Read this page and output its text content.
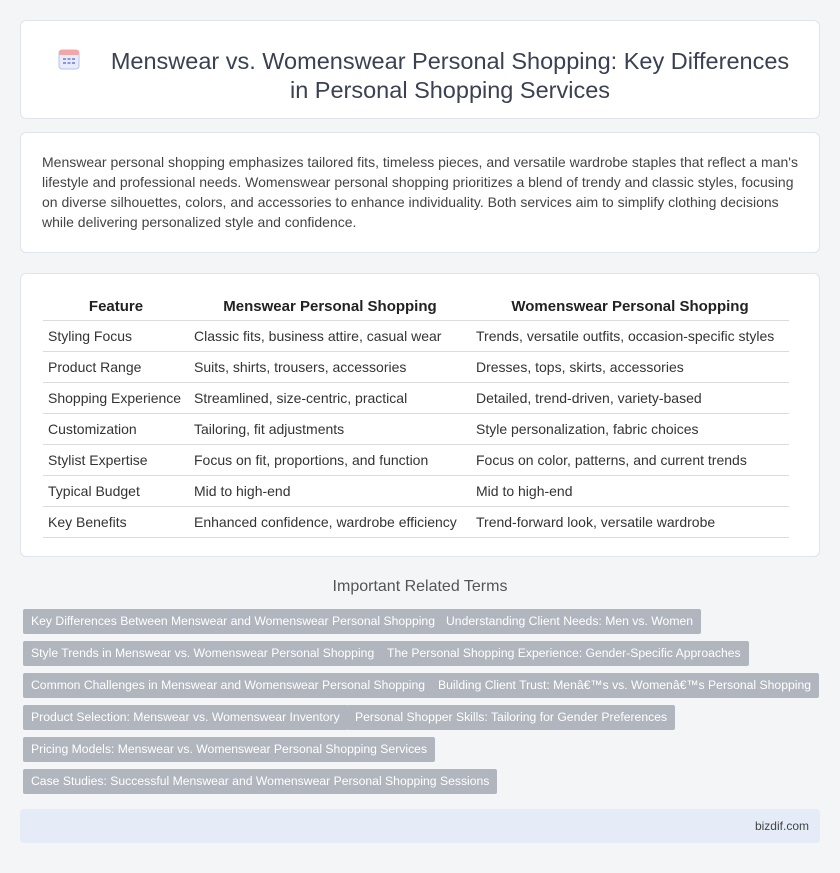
Menswear vs. Womenswear Personal Shopping: Key Differences in Personal Shopping Services

Menswear personal shopping emphasizes tailored fits, timeless pieces, and versatile wardrobe staples that reflect a man's lifestyle and professional needs. Womenswear personal shopping prioritizes a blend of trendy and classic styles, focusing on diverse silhouettes, colors, and accessories to enhance individuality. Both services aim to simplify clothing decisions while delivering personalized style and confidence.

Feature	Menswear Personal Shopping	Womenswear Personal Shopping
Styling Focus	Classic fits, business attire, casual wear	Trends, versatile outfits, occasion-specific styles
Product Range	Suits, shirts, trousers, accessories	Dresses, tops, skirts, accessories
Shopping Experience	Streamlined, size-centric, practical	Detailed, trend-driven, variety-based
Customization	Tailoring, fit adjustments	Style personalization, fabric choices
Stylist Expertise	Focus on fit, proportions, and function	Focus on color, patterns, and current trends
Typical Budget	Mid to high-end	Mid to high-end
Key Benefits	Enhanced confidence, wardrobe efficiency	Trend-forward look, versatile wardrobe
Important Related Terms
Key Differences Between Menswear and Womenswear Personal Shopping Understanding Client Needs: Men vs. Women
Style Trends in Menswear vs. Womenswear Personal Shopping	The Personal Shopping Experience: Gender-Specific Approaches
Common Challenges in Menswear and Womenswear Personal Shopping	Building Client Trust: Menâ€™s vs. Womenâ€™s Personal Shopping
Product Selection: Menswear vs. Womenswear Inventory	Personal Shopper Skills: Tailoring for Gender Preferences
Pricing Models: Menswear vs. Womenswear Personal Shopping Services
Case Studies: Successful Menswear and Womenswear Personal Shopping Sessions
bizdif.com
